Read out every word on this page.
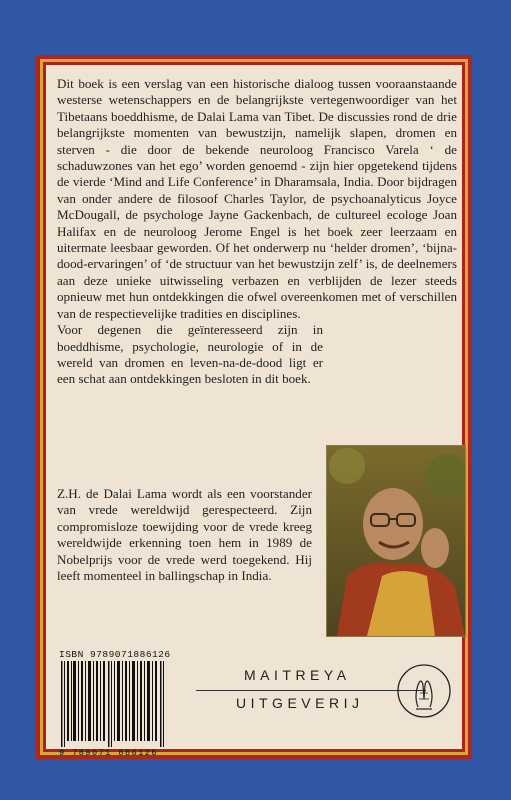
Dit boek is een verslag van een historische dialoog tussen vooraanstaande westerse wetenschappers en de belangrijkste vertegenwoordiger van het Tibetaans boeddhisme, de Dalai Lama van Tibet. De discussies rond de drie belangrijkste momenten van bewustzijn, namelijk slapen, dromen en sterven - die door de bekende neuroloog Francisco Varela ‘ de schaduwzones van het ego’ worden genoemd - zijn hier opgetekend tijdens de vierde ‘Mind and Life Conference’ in Dharamsala, India. Door bijdragen van onder andere de filosoof Charles Taylor, de psychoanalyticus Joyce McDougall, de psychologe Jayne Gackenbach, de cultureel ecologe Joan Halifax en de neuroloog Jerome Engel is het boek zeer leerzaam en uitermate leesbaar geworden. Of het onderwerp nu ‘helder dromen’, ‘bijna-dood-ervaringen’ of ‘de structuur van het bewustzijn zelf’ is, de deelnemers aan deze unieke uitwisseling verbazen en verblijden de lezer steeds opnieuw met hun ontdekkingen die ofwel overeenkomen met of verschillen van de respectievelijke tradities en disciplines.

Voor degenen die geïnteresseerd zijn in boeddhisme, psychologie, neurologie of in de wereld van dromen en leven-na-de-dood ligt er een schat aan ontdekkingen besloten in dit boek.

Z.H. de Dalai Lama wordt als een voorstander van vrede wereldwijd gerespecteerd. Zijn compromisloze toewijding voor de vrede kreeg wereldwijde erkenning toen hem in 1989 de Nobelprijs voor de vrede werd toegekend. Hij leeft momenteel in ballingschap in India.
ISBN 9789071886126
9 789071 886126
MAITREYA
UITGEVERIJ
